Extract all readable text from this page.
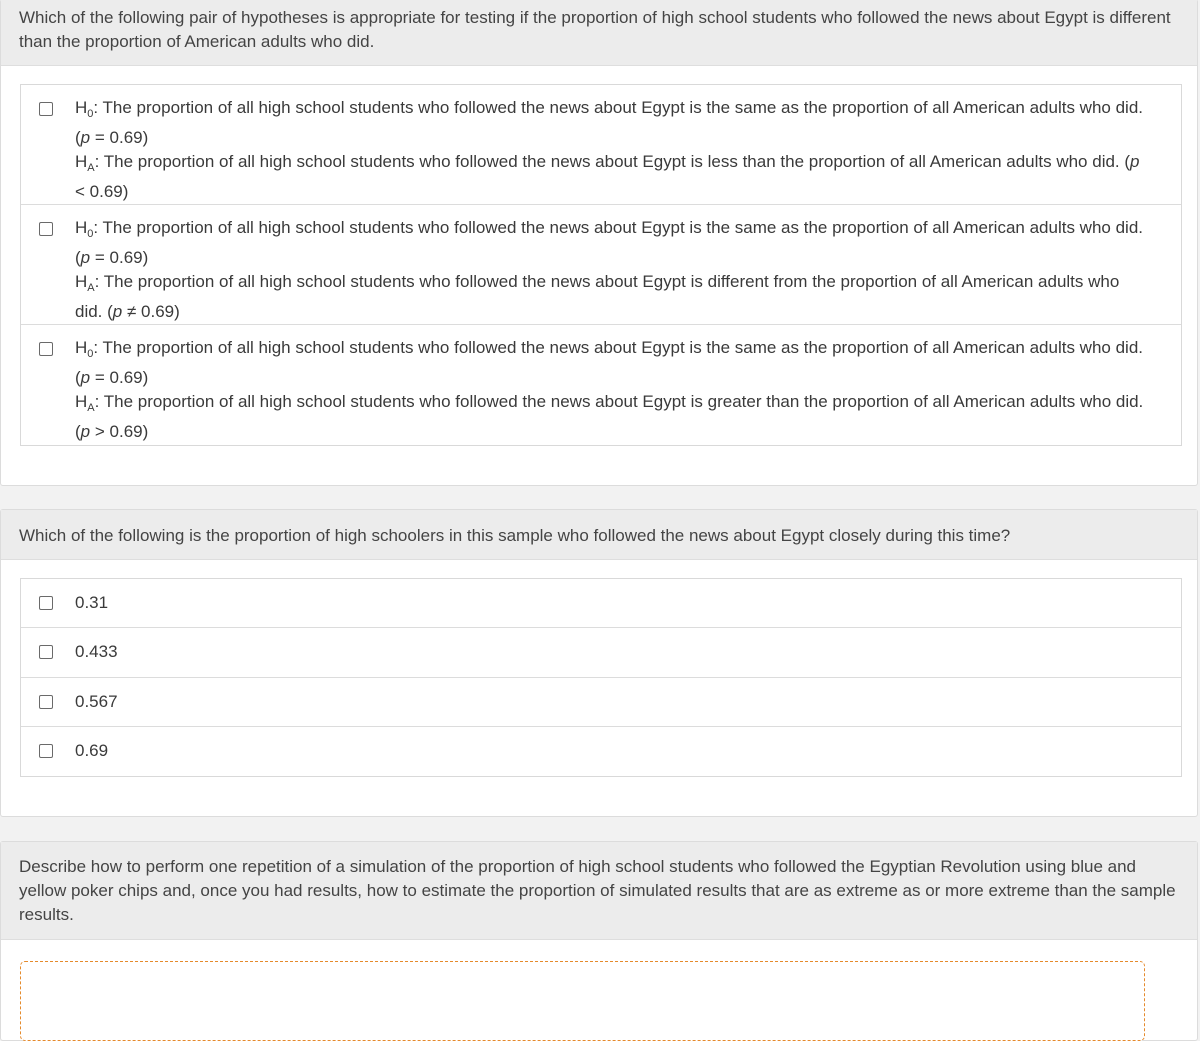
Which of the following pair of hypotheses is appropriate for testing if the proportion of high school students who followed the news about Egypt is different than the proportion of American adults who did.
$H_0$: The proportion of all high school students who followed the news about Egypt is the same as the proportion of all American adults who did. (p = 0.69)
$H_A$: The proportion of all high school students who followed the news about Egypt is less than the proportion of all American adults who did. (p < 0.69)
$H_0$: The proportion of all high school students who followed the news about Egypt is the same as the proportion of all American adults who did. (p = 0.69)
$H_A$: The proportion of all high school students who followed the news about Egypt is different from the proportion of all American adults who did. (p ≠ 0.69)
$H_0$: The proportion of all high school students who followed the news about Egypt is the same as the proportion of all American adults who did. (p = 0.69)
$H_A$: The proportion of all high school students who followed the news about Egypt is greater than the proportion of all American adults who did. (p > 0.69)
Which of the following is the proportion of high schoolers in this sample who followed the news about Egypt closely during this time?
0.31
0.433
0.567
0.69
Describe how to perform one repetition of a simulation of the proportion of high school students who followed the Egyptian Revolution using blue and yellow poker chips and, once you had results, how to estimate the proportion of simulated results that are as extreme as or more extreme than the sample results.
